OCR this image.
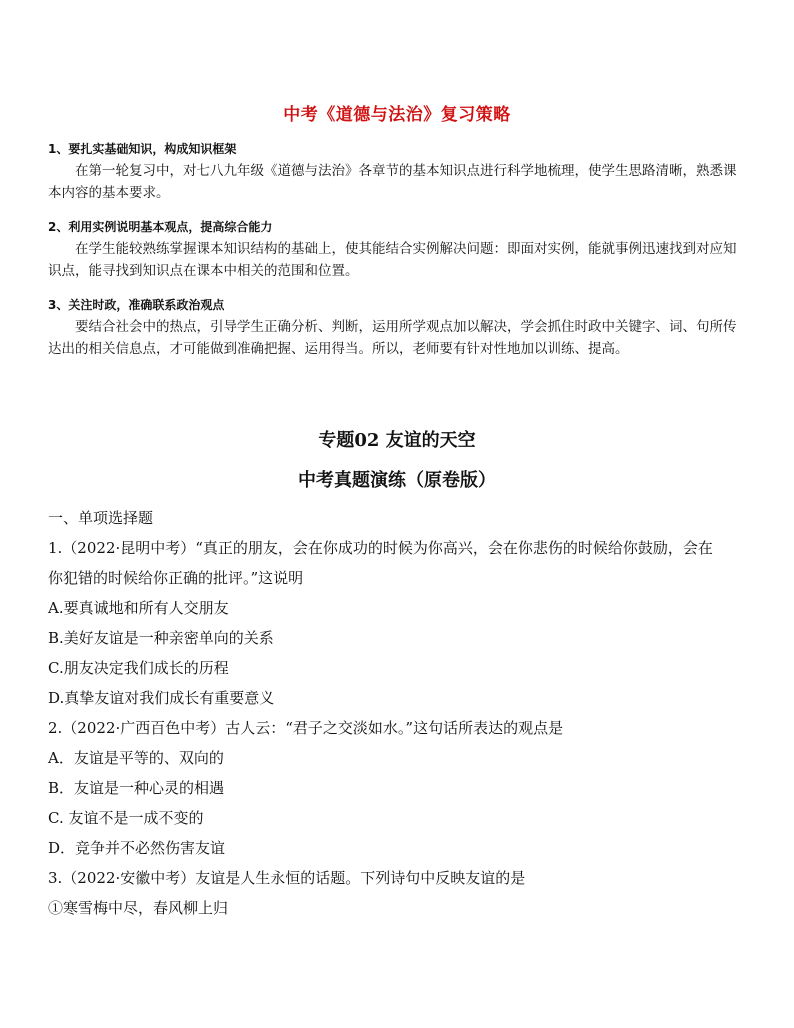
中考《道德与法治》复习策略
1、要扎实基础知识，构成知识框架
在第一轮复习中，对七八九年级《道德与法治》各章节的基本知识点进行科学地梳理，使学生思路清晰，熟悉课本内容的基本要求。
2、利用实例说明基本观点，提高综合能力
在学生能较熟练掌握课本知识结构的基础上，使其能结合实例解决问题：即面对实例，能就事例迅速找到对应知识点，能寻找到知识点在课本中相关的范围和位置。
3、关注时政，准确联系政治观点
要结合社会中的热点，引导学生正确分析、判断，运用所学观点加以解决，学会抓住时政中关键字、词、句所传达出的相关信息点，才可能做到准确把握、运用得当。所以，老师要有针对性地加以训练、提高。
专题02 友谊的天空
中考真题演练（原卷版）
一、单项选择题
1.（2022·昆明中考）“真正的朋友，会在你成功的时候为你高兴，会在你悲伤的时候给你鼓励，会在
你犯错的时候给你正确的批评。”这说明
A.要真诚地和所有人交朋友
B.美好友谊是一种亲密单向的关系
C.朋友决定我们成长的历程
D.真挚友谊对我们成长有重要意义
2.（2022·广西百色中考）古人云：“君子之交淡如水。”这句话所表达的观点是
A．友谊是平等的、双向的
B．友谊是一种心灵的相遇
C. 友谊不是一成不变的
D．竞争并不必然伤害友谊
3.（2022·安徽中考）友谊是人生永恒的话题。下列诗句中反映友谊的是
①寒雪梅中尽，春风柳上归
